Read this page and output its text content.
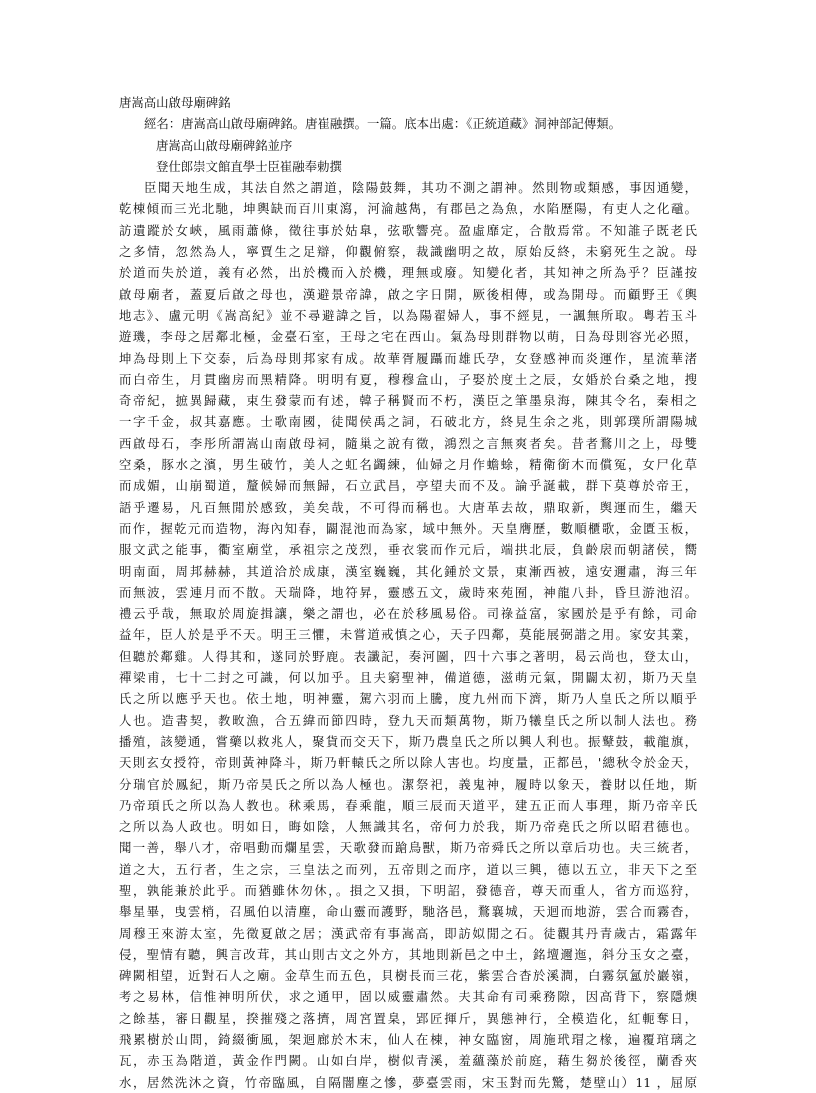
唐嵩高山啟母廟碑銘
經名：唐嵩高山啟母廟碑銘。唐崔融撰。一篇。底本出處：《正統道藏》洞神部記傳類。
唐嵩高山啟母廟碑銘並序
登仕郎崇文館直學士臣崔融奉勅撰
臣聞天地生成，其法自然之謂道，陰陽鼓舞，其功不測之謂神。然則物或類感，事因通變，
乾棟傾而三光北馳，坤輿缺而百川東瀉，河淪越雋，有郡邑之為魚，水陷歷陽，有吏人之化黿。
訪遺蹤於女峽，風雨蕭條，徵往事於姑臯，弦歌響亮。盈虛靡定，合散焉常。不知誰子既老氏
之多情，忽然為人，寧賈生之足辯，仰觀俯察，裁識幽明之故，原始反終，未窮死生之說。母
於道而失於道，義有必然，出於機而入於機，理無或廢。知變化者，其知神之所為乎？臣謹按
啟母廟者，蓋夏后啟之母也，漢避景帝諱，啟之字日開，厥後相傳，或為開母。而顧野王《輿
地志》、盧元明《嵩高紀》並不尋避諱之旨，以為陽翟婦人，事不經見，一諷無所取。粵若玉斗
遊璣，李母之居鄰北極，金臺石室，王母之宅在西山。氣為母則群物以萌，日為母則容光必照，
坤為母則上下交泰，后為母則邦家有成。故華胥履躡而雄氏孕，女登感神而炎運作，星流華渚
而白帝生，月貫幽房而黑精降。明明有夏，穆穆盒山，子娶於度土之辰，女婚於台桑之地，搜
奇帝紀，摭異歸藏，束生發蒙而有述，韓子稱賢而不朽，漢臣之筆墨泉海，陳其令名，秦相之
一字千金，叔其嘉應。士歌南國，徒聞侯禹之詞，石破北方，終見生余之兆，則郭璞所謂陽城
西啟母石，李彤所謂嵩山南啟母祠，隨巢之說有徵，鴻烈之言無爽者矣。昔者鶩川之上，母雙
空桑，豚水之濱，男生破竹，美人之虹名蠲練，仙婦之月作蟾蜍，精衛銜木而償冤，女尸化草
而成媚，山崩蜀道，釐候婦而無歸，石立武昌，亭望夫而不及。論乎誕載，群下莫尊於帝王，
語乎遷易，凡百無閒於感致，美矣哉，不可得而稱也。大唐革去故，鼎取新，舆運而生，繼天
而作，握乾元而造物，海內知春，闢混池而為家，域中無外。天皇膺歷，數順櫃歌，金匱玉板，
服文武之能事，衢室廟堂，承祖宗之茂烈，垂衣裳而作元后，端拱北辰，負齡扆而朝諸侯，嚮
明南面，周邦赫赫，其道洽於成康，漢室巍巍，其化鍾於文景，東漸西被，遠安邇肅，海三年
而無波，雲連月而不散。天瑞降，地符昇，靈感五文，歲時來苑囿，神龍八卦，昏旦游池沼。
禮云乎哉，無取於周旋揖讓，樂之謂也，必在於移風易俗。司祿益富，家國於是乎有餘，司命
益年，臣人於是乎不天。明王三懼，未嘗道戒慎之心，天子四鄰，莫能展弼諧之用。家安其業，
但聽於鄰雞。人得其和，遂同於野鹿。表讖記，奏河圖，四十六事之著明，曷云尚也，登太山，
禪梁甫，七十二封之可識，何以加乎。且夫窮聖神，備道德，滋萌元氣，開闢太初，斯乃天皇
氏之所以應乎天也。依土地，明神靈，駕六羽而上騰，度九州而下濟，斯乃人皇氏之所以順乎
人也。造書契，教畋漁，合五緯而節四時，登九天而類萬物，斯乃犧皇氏之所以制人法也。務
播殖，該變通，嘗藥以救兆人，聚貨而交天下，斯乃農皇氏之所以興人利也。振鼙鼓，載龍旗，
天則玄女授符，帝則黃神降斗，斯乃軒轅氏之所以除人害也。均度量，正都邑，'總秋令於金天，
分瑞官於鳳紀，斯乃帝昊氏之所以為人極也。潔祭祀，義鬼神，履時以象天，養財以任地，斯
乃帝頊氏之所以為人教也。秫乘馬，春乘龍，順三辰而天道平，建五正而人事理，斯乃帝辛氏
之所以為人政也。明如日，晦如陰，人無識其名，帝何力於我，斯乃帝堯氏之所以昭君德也。
聞一善，舉八才，帝唱動而爛星雲，天歌發而蹌鳥獸，斯乃帝舜氏之所以章后功也。夫三統者，
道之大，五行者，生之宗，三皇法之而列，五帝則之而序，道以三興，德以五立，非天下之至
聖，孰能兼於此乎。而猶雖休勿休，。損之又損，下明詔，發德音，尊天而重人，省方而巡狩，
舉星畢，曳雲梢，召風伯以清塵，命山靈而護野，馳洛邑，鶩襄城，天迴而地游，雲合而霧杳，
周穆王來游太室，先徵夏啟之居；漢武帝有事嵩高，即訪姒閒之石。徒觀其丹青歲古，霜露年
侵，聖情有聽，興言改茸，其山則古文之外方，其地則新邑之中土，銘壇邇迤，斜分玉女之臺，
碑闕相望，近對石人之廟。金草生而五色，貝樹長而三花，紫雲合杳於溪澗，白霧氛氳於巖嶺，
考之易林，信惟神明所伏，求之通甲，固以威靈肅然。夫其命有司乘務隙，因高背下，察隱燠
之餘基，審日觀星，揆摧殘之落擠，周宮置臬，郢匠揮斤，異態神行，全模造化，紅軛奪日，
飛累樹於山問，錡綴衝風，架迴廊於木末，仙人在棟，神女臨窗，周施玳瑁之椽，遍覆琯璃之
瓦，赤玉為階道，黃金作門闕。山如白岸，樹似青溪，羞蘊藻於前庭，藉生芻於後徑，蘭香夾
水，居然洗沐之資，竹帝臨風，自隔闇塵之慘，夢臺雲雨，宋玉對而先驚，楚壁山）11 ，屈原
